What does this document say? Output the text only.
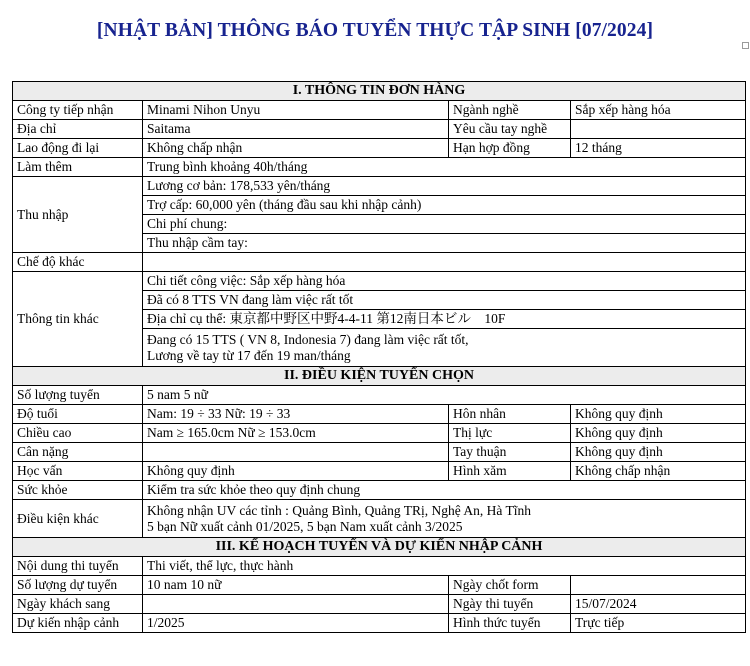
[NHẬT BẢN] THÔNG BÁO TUYỂN THỰC TẬP SINH [07/2024]
I. THÔNG TIN ĐƠN HÀNG			
Công ty tiếp nhận	Minami Nihon Unyu	Ngành nghề	Sắp xếp hàng hóa
Địa chỉ	Saitama	Yêu cầu tay nghề	
Lao động đi lại	Không chấp nhận	Hạn hợp đồng	12 tháng
Làm thêm	Trung bình khoảng 40h/tháng		
Thu nhập	Lương cơ bản: 178,533 yên/tháng		
	Trợ cấp: 60,000 yên (tháng đầu sau khi nhập cảnh)		
	Chi phí chung:		
	Thu nhập cầm tay:		
Chế độ khác			
Thông tin khác	Chi tiết công việc: Sắp xếp hàng hóa		
	Đã có 8 TTS VN đang làm việc rất tốt		
	Địa chỉ cụ thể: 東京都中野区中野4-4-11 第12南日本ビル　10F		

	Đang có 15 TTS ( VN 8, Indonesia 7) đang làm việc rất tốt,
Lương về tay từ 17 đến 19 man/tháng		

II. ĐIỀU KIỆN TUYỂN CHỌN			
Số lượng tuyển	5 nam 5 nữ		
Độ tuổi	Nam: 19 ÷ 33 Nữ: 19 ÷ 33	Hôn nhân	Không quy định
Chiều cao	Nam ≥ 165.0cm Nữ ≥ 153.0cm	Thị lực	Không quy định
Cân nặng		Tay thuận	Không quy định
Học vấn	Không quy định	Hình xăm	Không chấp nhận
Sức khỏe	Kiểm tra sức khỏe theo quy định chung		
Điều kiện khác	Không nhận UV các tỉnh : Quảng Bình, Quảng TRị, Nghệ An, Hà Tĩnh
5 bạn Nữ xuất cảnh 01/2025, 5 bạn Nam xuất cảnh 3/2025		

III. KẾ HOẠCH TUYỂN VÀ DỰ KIẾN NHẬP CẢNH			
Nội dung thi tuyển	Thi viết, thể lực, thực hành		
Số lượng dự tuyển	10 nam 10 nữ	Ngày chốt form	
Ngày khách sang		Ngày thi tuyển	15/07/2024
Dự kiến nhập cảnh	1/2025	Hình thức tuyển	Trực tiếp
